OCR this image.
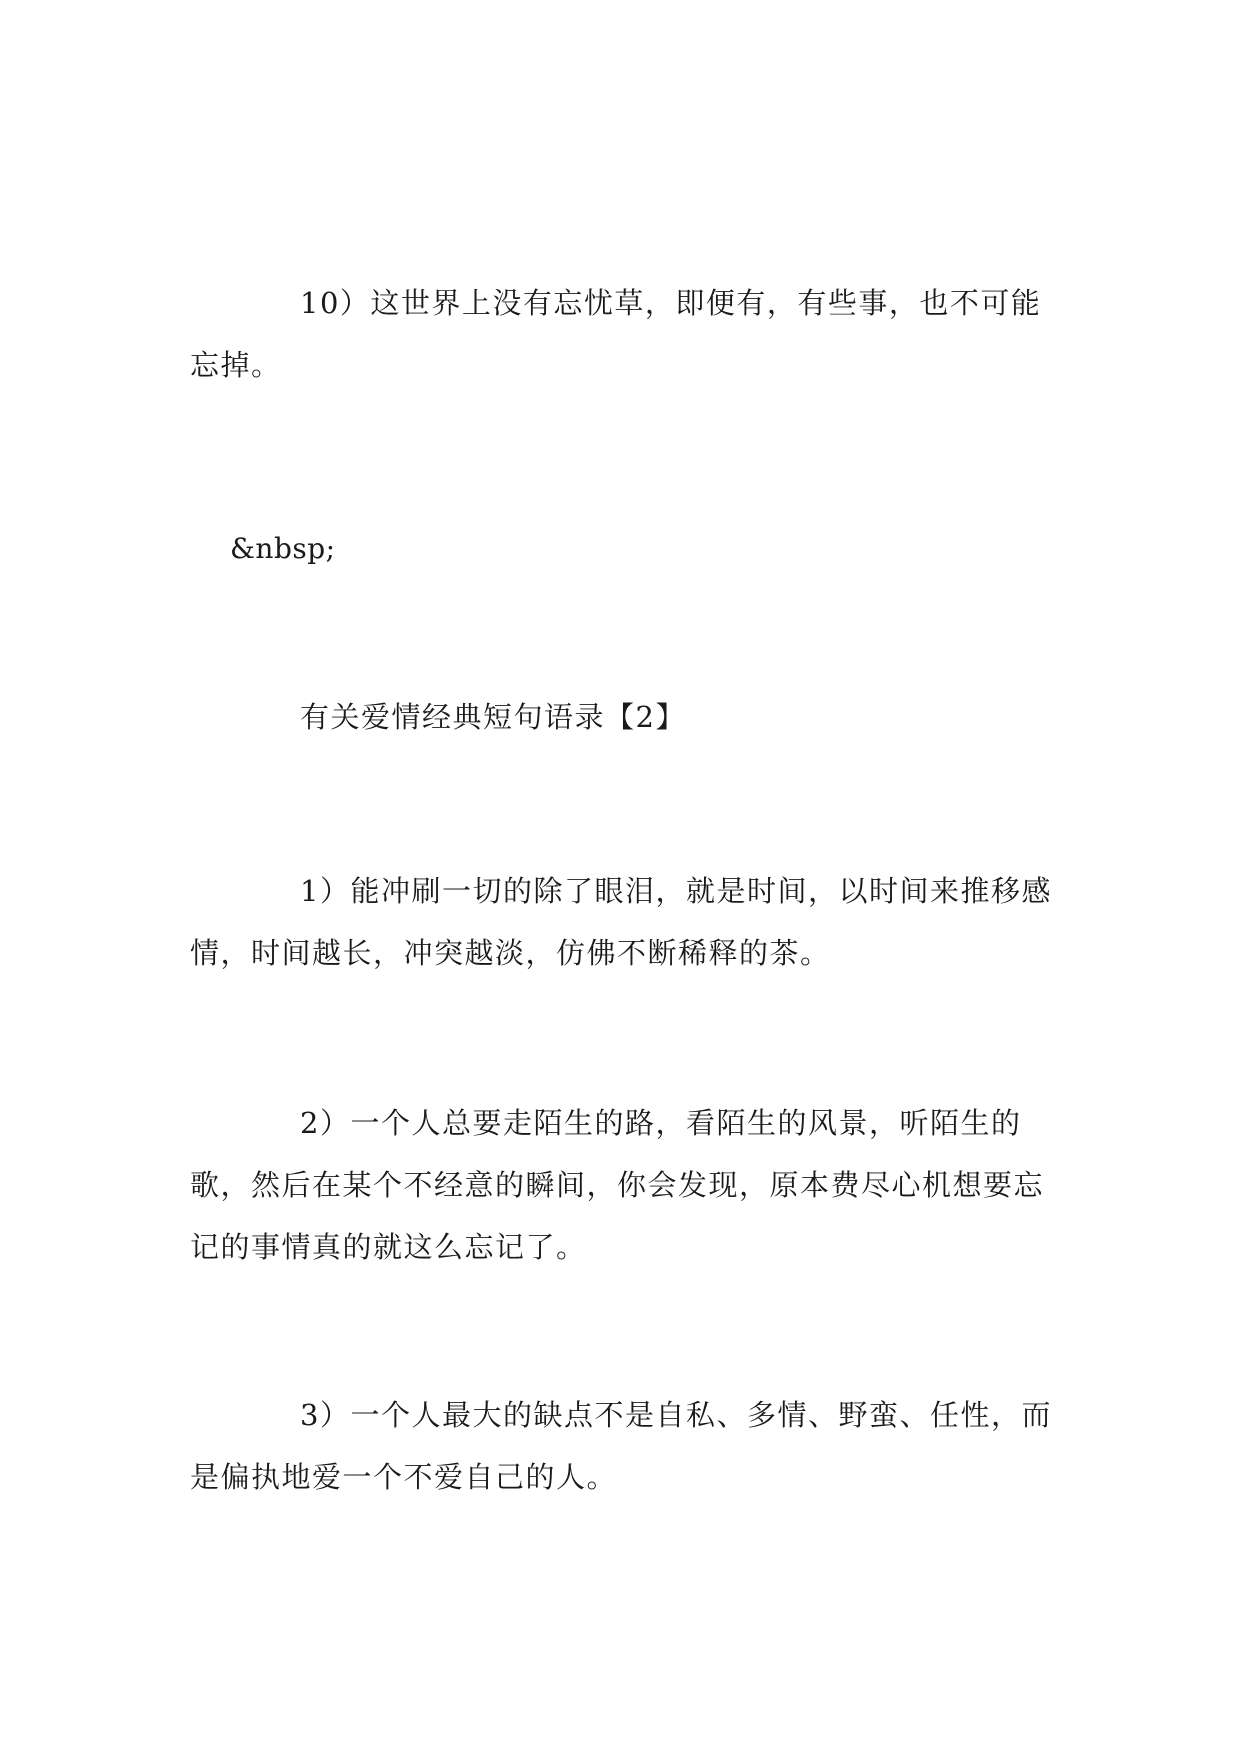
10）这世界上没有忘忧草，即便有，有些事，也不可能忘掉。

&nbsp;

有关爱情经典短句语录【2】

1）能冲刷一切的除了眼泪，就是时间，以时间来推移感情，时间越长，冲突越淡，仿佛不断稀释的茶。

2）一个人总要走陌生的路，看陌生的风景，听陌生的歌，然后在某个不经意的瞬间，你会发现，原本费尽心机想要忘记的事情真的就这么忘记了。

3）一个人最大的缺点不是自私、多情、野蛮、任性，而是偏执地爱一个不爱自己的人。
